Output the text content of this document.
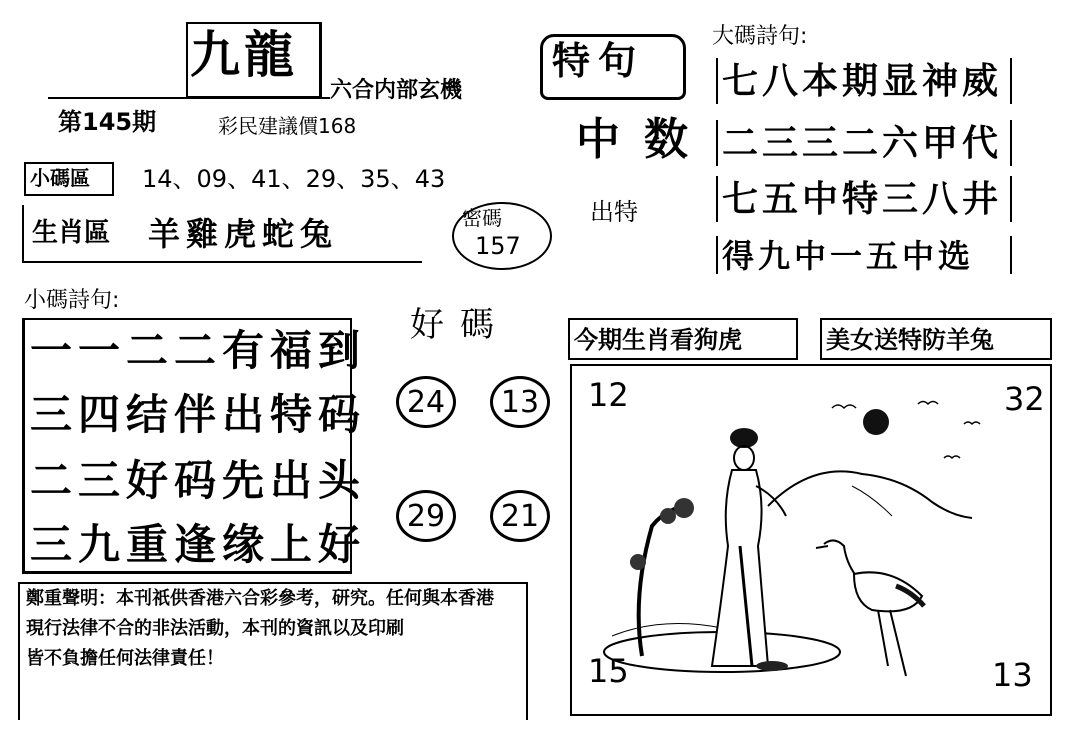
九龍
六合内部玄機
第145期	彩民建議價168
小碼區 14、09、41、29、35、43
生肖區 羊雞虎蛇兔	密碼
157
特句
中数
出特
大碼詩句:
七八本期显神威
二三三二六甲代
七五中特三八井
得九中一五中选
小碼詩句:
一一二二有福到
三四结伴出特码
二三好码先出头
三九重逢缘上好
好碼
24	13
29	21
今期生肖看狗虎	美女送特防羊兔
12	32
15	13
鄭重聲明：本刊祇供香港六合彩參考，研究。任何與本香港
現行法律不合的非法活動，本刊的資訊以及印刷
皆不負擔任何法律責任！
